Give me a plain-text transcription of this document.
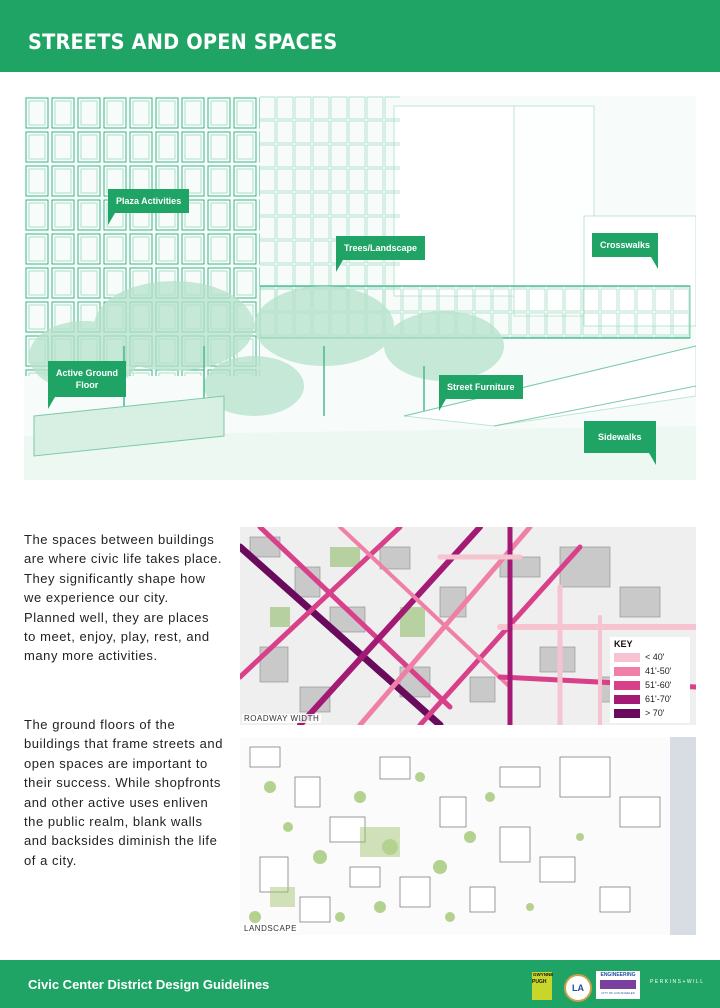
STREETS AND OPEN SPACES
Plaza Activities
Trees/Landscape	Crosswalks
Active Ground
Floor	Street Furniture
Sidewalks

The spaces between buildings are where civic life takes place. They significantly shape how we experience our city. Planned well, they are places to meet, enjoy, play, rest, and many more activities.

The ground floors of the buildings that frame streets and open spaces are important to their success. While shopfronts and other active uses enliven the public realm, blank walls and backsides diminish the life of a city.

KEY
< 40'
41'-50'
51'-60'
61'-70'
> 70'
ROADWAY WIDTH
LANDSCAPE
Civic Center District Design Guidelines
GWYNNE
PUGH
LA
ENGINEERING
CITY OF LOS ANGELES
PERKINS+WILL
